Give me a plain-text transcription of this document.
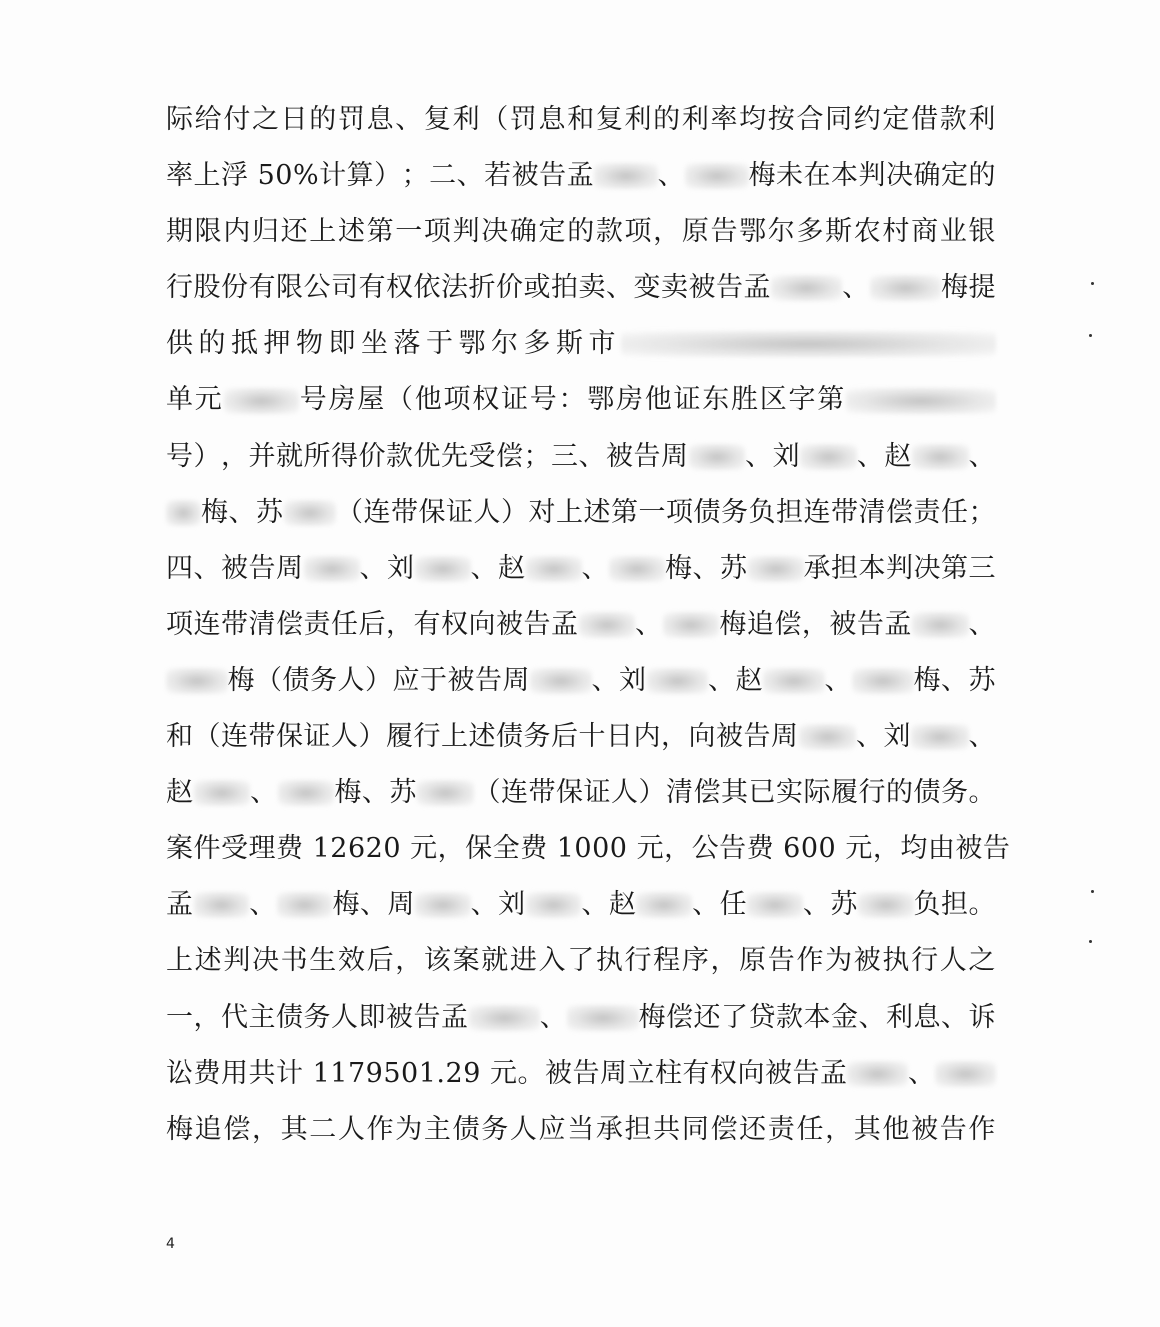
际 给 付 之 日 的 罚 息 、 复 利 （ 罚 息 和 复 利 的 利 率 均 按 合 同 约 定 借 款 利
率 上 浮
5 0 % 计 算 ） ； 二 、 若 被 告 孟 、 梅 未 在 本 判 决 确 定 的
期 限 内 归 还 上 述 第 一 项 判 决 确 定 的 款 项 ， 原 告 鄂 尔 多 斯 农 村 商 业 银
行 股 份 有 限 公 司 有 权 依 法 折 价 或 拍 卖 、 变 卖 被 告 孟	、	梅 提
供 的 抵 押 物 即 坐 落 于 鄂 尔 多 斯 市
单 元	号 房 屋 （ 他 项 权 证 号 ： 鄂 房 他 证 东 胜 区 字 第
号 ） ， 并 就 所 得 价 款 优 先 受 偿 ； 三 、 被 告 周 、 刘 、 赵 、
梅 、 苏 （ 连 带 保 证 人 ） 对 上 述 第 一 项 债 务 负 担 连 带 清 偿 责 任 ；
四 、 被 告 周 、 刘 、 赵 、 梅 、 苏 承 担 本 判 决 第 三
项 连 带 清 偿 责 任 后 ， 有 权 向 被 告 孟 、 梅 追 偿 ， 被 告 孟 、
梅 （ 债 务 人 ） 应 于 被 告 周 、 刘 、 赵 、 梅 、 苏
和 （ 连 带 保 证 人 ） 履 行 上 述 债 务 后 十 日 内 ， 向 被 告 周 、 刘 、
赵 、 梅 、 苏 （ 连 带 保 证 人 ） 清 偿 其 已 实 际 履 行 的 债 务 。
案 件 受 理 费
1 2 6 2 0
元 ， 保 全 费
1 0 0 0
元 ， 公 告 费
6 0 0
元 ， 均 由 被 告
孟 、 梅 、 周 、 刘 、 赵 、 任 、 苏 负 担 。
上 述 判 决 书 生 效 后 ， 该 案 就 进 入 了 执 行 程 序 ， 原 告 作 为 被 执 行 人 之
一 ， 代 主 债 务 人 即 被 告 孟	、	梅 偿 还 了 贷 款 本 金 、 利 息 、 诉
讼 费 用 共 计
1 1 7 9 5 0 1 . 2 9
元 。 被 告 周 立 柱 有 权 向 被 告 孟 、
梅 追 偿 ， 其 二 人 作 为 主 债 务 人 应 当 承 担 共 同 偿 还 责 任 ， 其 他 被 告 作
4
